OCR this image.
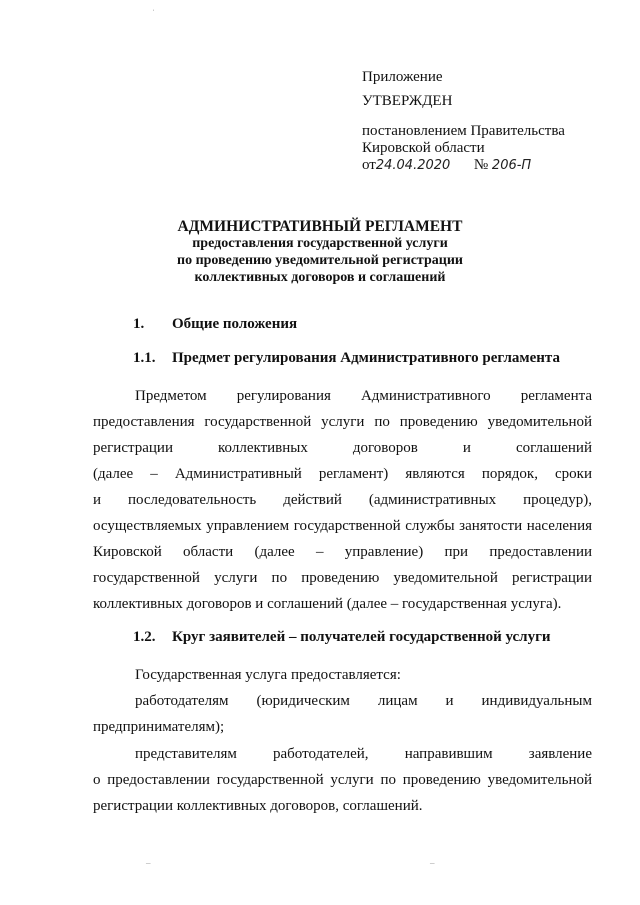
Приложение
УТВЕРЖДЕН
постановлением Правительства
Кировской области
от24.04.2020 № 206-П
АДМИНИСТРАТИВНЫЙ РЕГЛАМЕНТ
предоставления государственной услуги
по проведению уведомительной регистрации
коллективных договоров и соглашений
1. Общие положения
1.1. Предмет регулирования Административного регламента

Предметом регулирования Административного регламента

предоставления государственной услуги по проведению уведомительной

регистрации коллективных договоров и соглашений

(далее – Административный регламент) являются порядок, сроки

и последовательность действий (административных процедур),

осуществляемых управлением государственной службы занятости населения

Кировской области (далее – управление) при предоставлении

государственной услуги по проведению уведомительной регистрации

коллективных договоров и соглашений (далее – государственная услуга).

1.2. Круг заявителей – получателей государственной услуги

Государственная услуга предоставляется:

работодателям (юридическим лицам и индивидуальным

предпринимателям);

представителям работодателей, направившим заявление

о предоставлении государственной услуги по проведению уведомительной

регистрации коллективных договоров, соглашений.

ˈ
–	–
